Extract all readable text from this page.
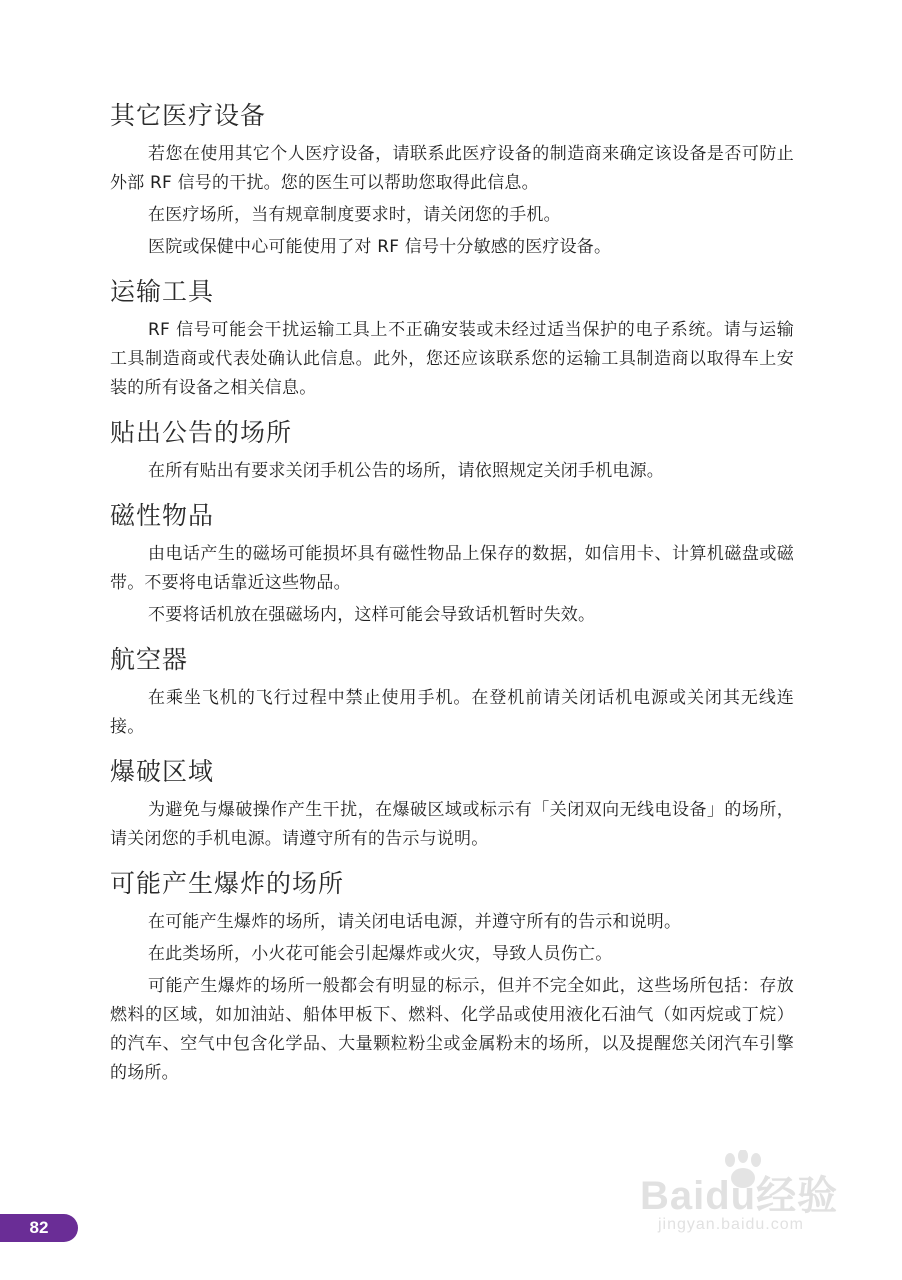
其它医疗设备

若您在使用其它个人医疗设备，请联系此医疗设备的制造商来确定该设备是否可防止外部 RF 信号的干扰。您的医生可以帮助您取得此信息。

在医疗场所，当有规章制度要求时，请关闭您的手机。

医院或保健中心可能使用了对 RF 信号十分敏感的医疗设备。

运输工具

RF 信号可能会干扰运输工具上不正确安装或未经过适当保护的电子系统。请与运输工具制造商或代表处确认此信息。此外，您还应该联系您的运输工具制造商以取得车上安装的所有设备之相关信息。

贴出公告的场所

在所有贴出有要求关闭手机公告的场所，请依照规定关闭手机电源。

磁性物品

由电话产生的磁场可能损坏具有磁性物品上保存的数据，如信用卡、计算机磁盘或磁带。不要将电话靠近这些物品。

不要将话机放在强磁场内，这样可能会导致话机暂时失效。

航空器

在乘坐飞机的飞行过程中禁止使用手机。在登机前请关闭话机电源或关闭其无线连接。

爆破区域

为避免与爆破操作产生干扰，在爆破区域或标示有「关闭双向无线电设备」的场所，请关闭您的手机电源。请遵守所有的告示与说明。

可能产生爆炸的场所

在可能产生爆炸的场所，请关闭电话电源，并遵守所有的告示和说明。

在此类场所，小火花可能会引起爆炸或火灾，导致人员伤亡。

可能产生爆炸的场所一般都会有明显的标示，但并不完全如此，这些场所包括：存放燃料的区域，如加油站、船体甲板下、燃料、化学品或使用液化石油气（如丙烷或丁烷）的汽车、空气中包含化学品、大量颗粒粉尘或金属粉末的场所，以及提醒您关闭汽车引擎的场所。

82
Baidu经验
jingyan.baidu.com
